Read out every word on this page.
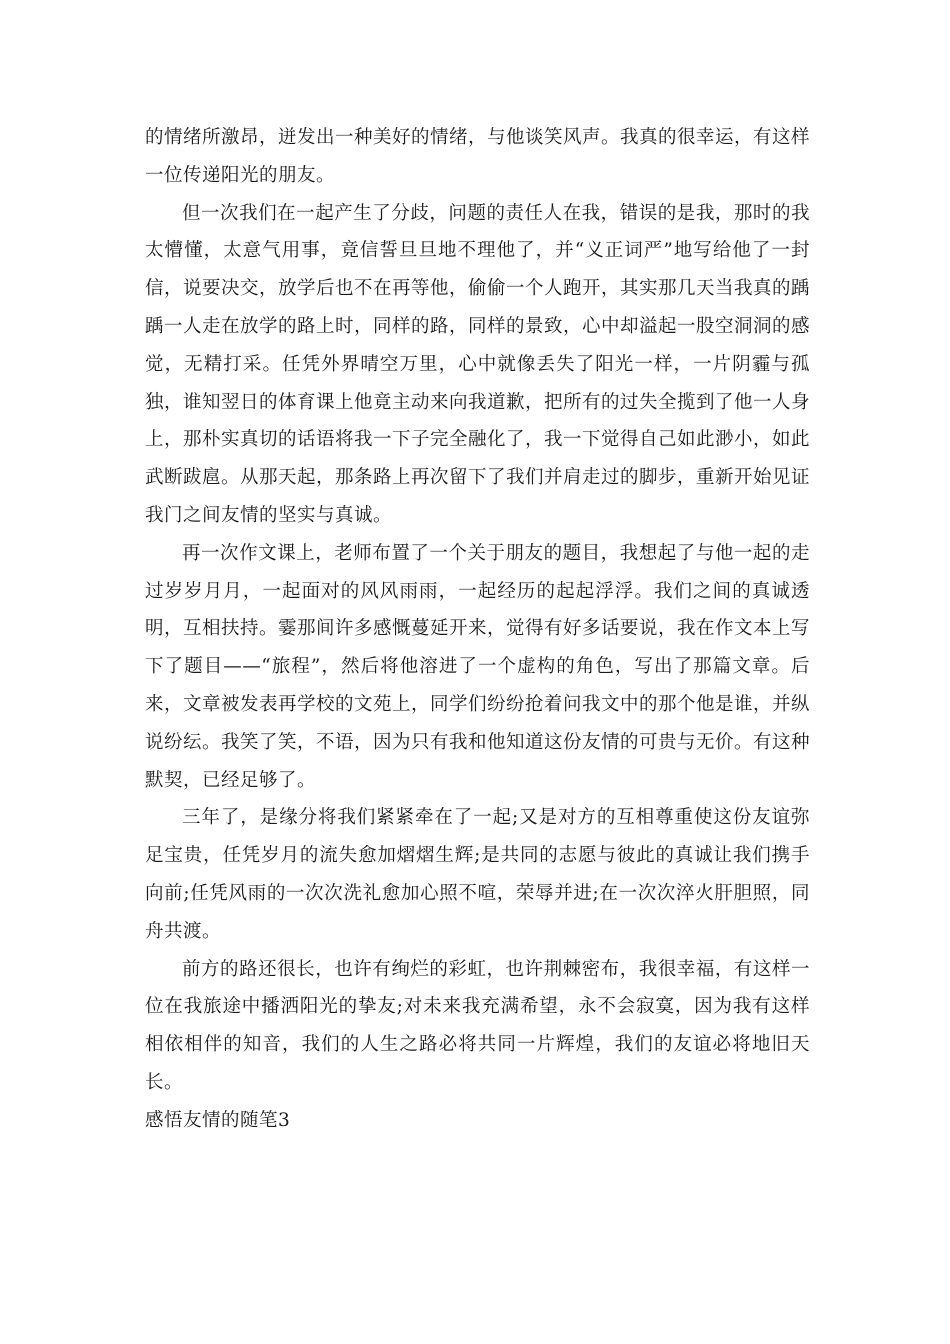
的情绪所激昂，迸发出一种美好的情绪，与他谈笑风声。我真的很幸运，有这样一位传递阳光的朋友。

但一次我们在一起产生了分歧，问题的责任人在我，错误的是我，那时的我太懵懂，太意气用事，竟信誓旦旦地不理他了，并“义正词严”地写给他了一封信，说要决交，放学后也不在再等他，偷偷一个人跑开，其实那几天当我真的踽踽一人走在放学的路上时，同样的路，同样的景致，心中却溢起一股空洞洞的感觉，无精打采。任凭外界晴空万里，心中就像丢失了阳光一样，一片阴霾与孤独，谁知翌日的体育课上他竟主动来向我道歉，把所有的过失全揽到了他一人身上，那朴实真切的话语将我一下子完全融化了，我一下觉得自己如此渺小，如此武断跋扈。从那天起，那条路上再次留下了我们并肩走过的脚步，重新开始见证我门之间友情的坚实与真诚。

再一次作文课上，老师布置了一个关于朋友的题目，我想起了与他一起的走过岁岁月月，一起面对的风风雨雨，一起经历的起起浮浮。我们之间的真诚透明，互相扶持。霎那间许多感慨蔓延开来，觉得有好多话要说，我在作文本上写下了题目——“旅程”，然后将他溶进了一个虚构的角色，写出了那篇文章。后来，文章被发表再学校的文苑上，同学们纷纷抢着问我文中的那个他是谁，并纵说纷纭。我笑了笑，不语，因为只有我和他知道这份友情的可贵与无价。有这种默契，已经足够了。

三年了，是缘分将我们紧紧牵在了一起;又是对方的互相尊重使这份友谊弥足宝贵，任凭岁月的流失愈加熠熠生辉;是共同的志愿与彼此的真诚让我们携手向前;任凭风雨的一次次洗礼愈加心照不喧，荣辱并进;在一次次淬火肝胆照，同舟共渡。

前方的路还很长，也许有绚烂的彩虹，也许荆棘密布，我很幸福，有这样一位在我旅途中播洒阳光的挚友;对未来我充满希望，永不会寂寞，因为我有这样相依相伴的知音，我们的人生之路必将共同一片辉煌，我们的友谊必将地旧天长。

感悟友情的随笔3
